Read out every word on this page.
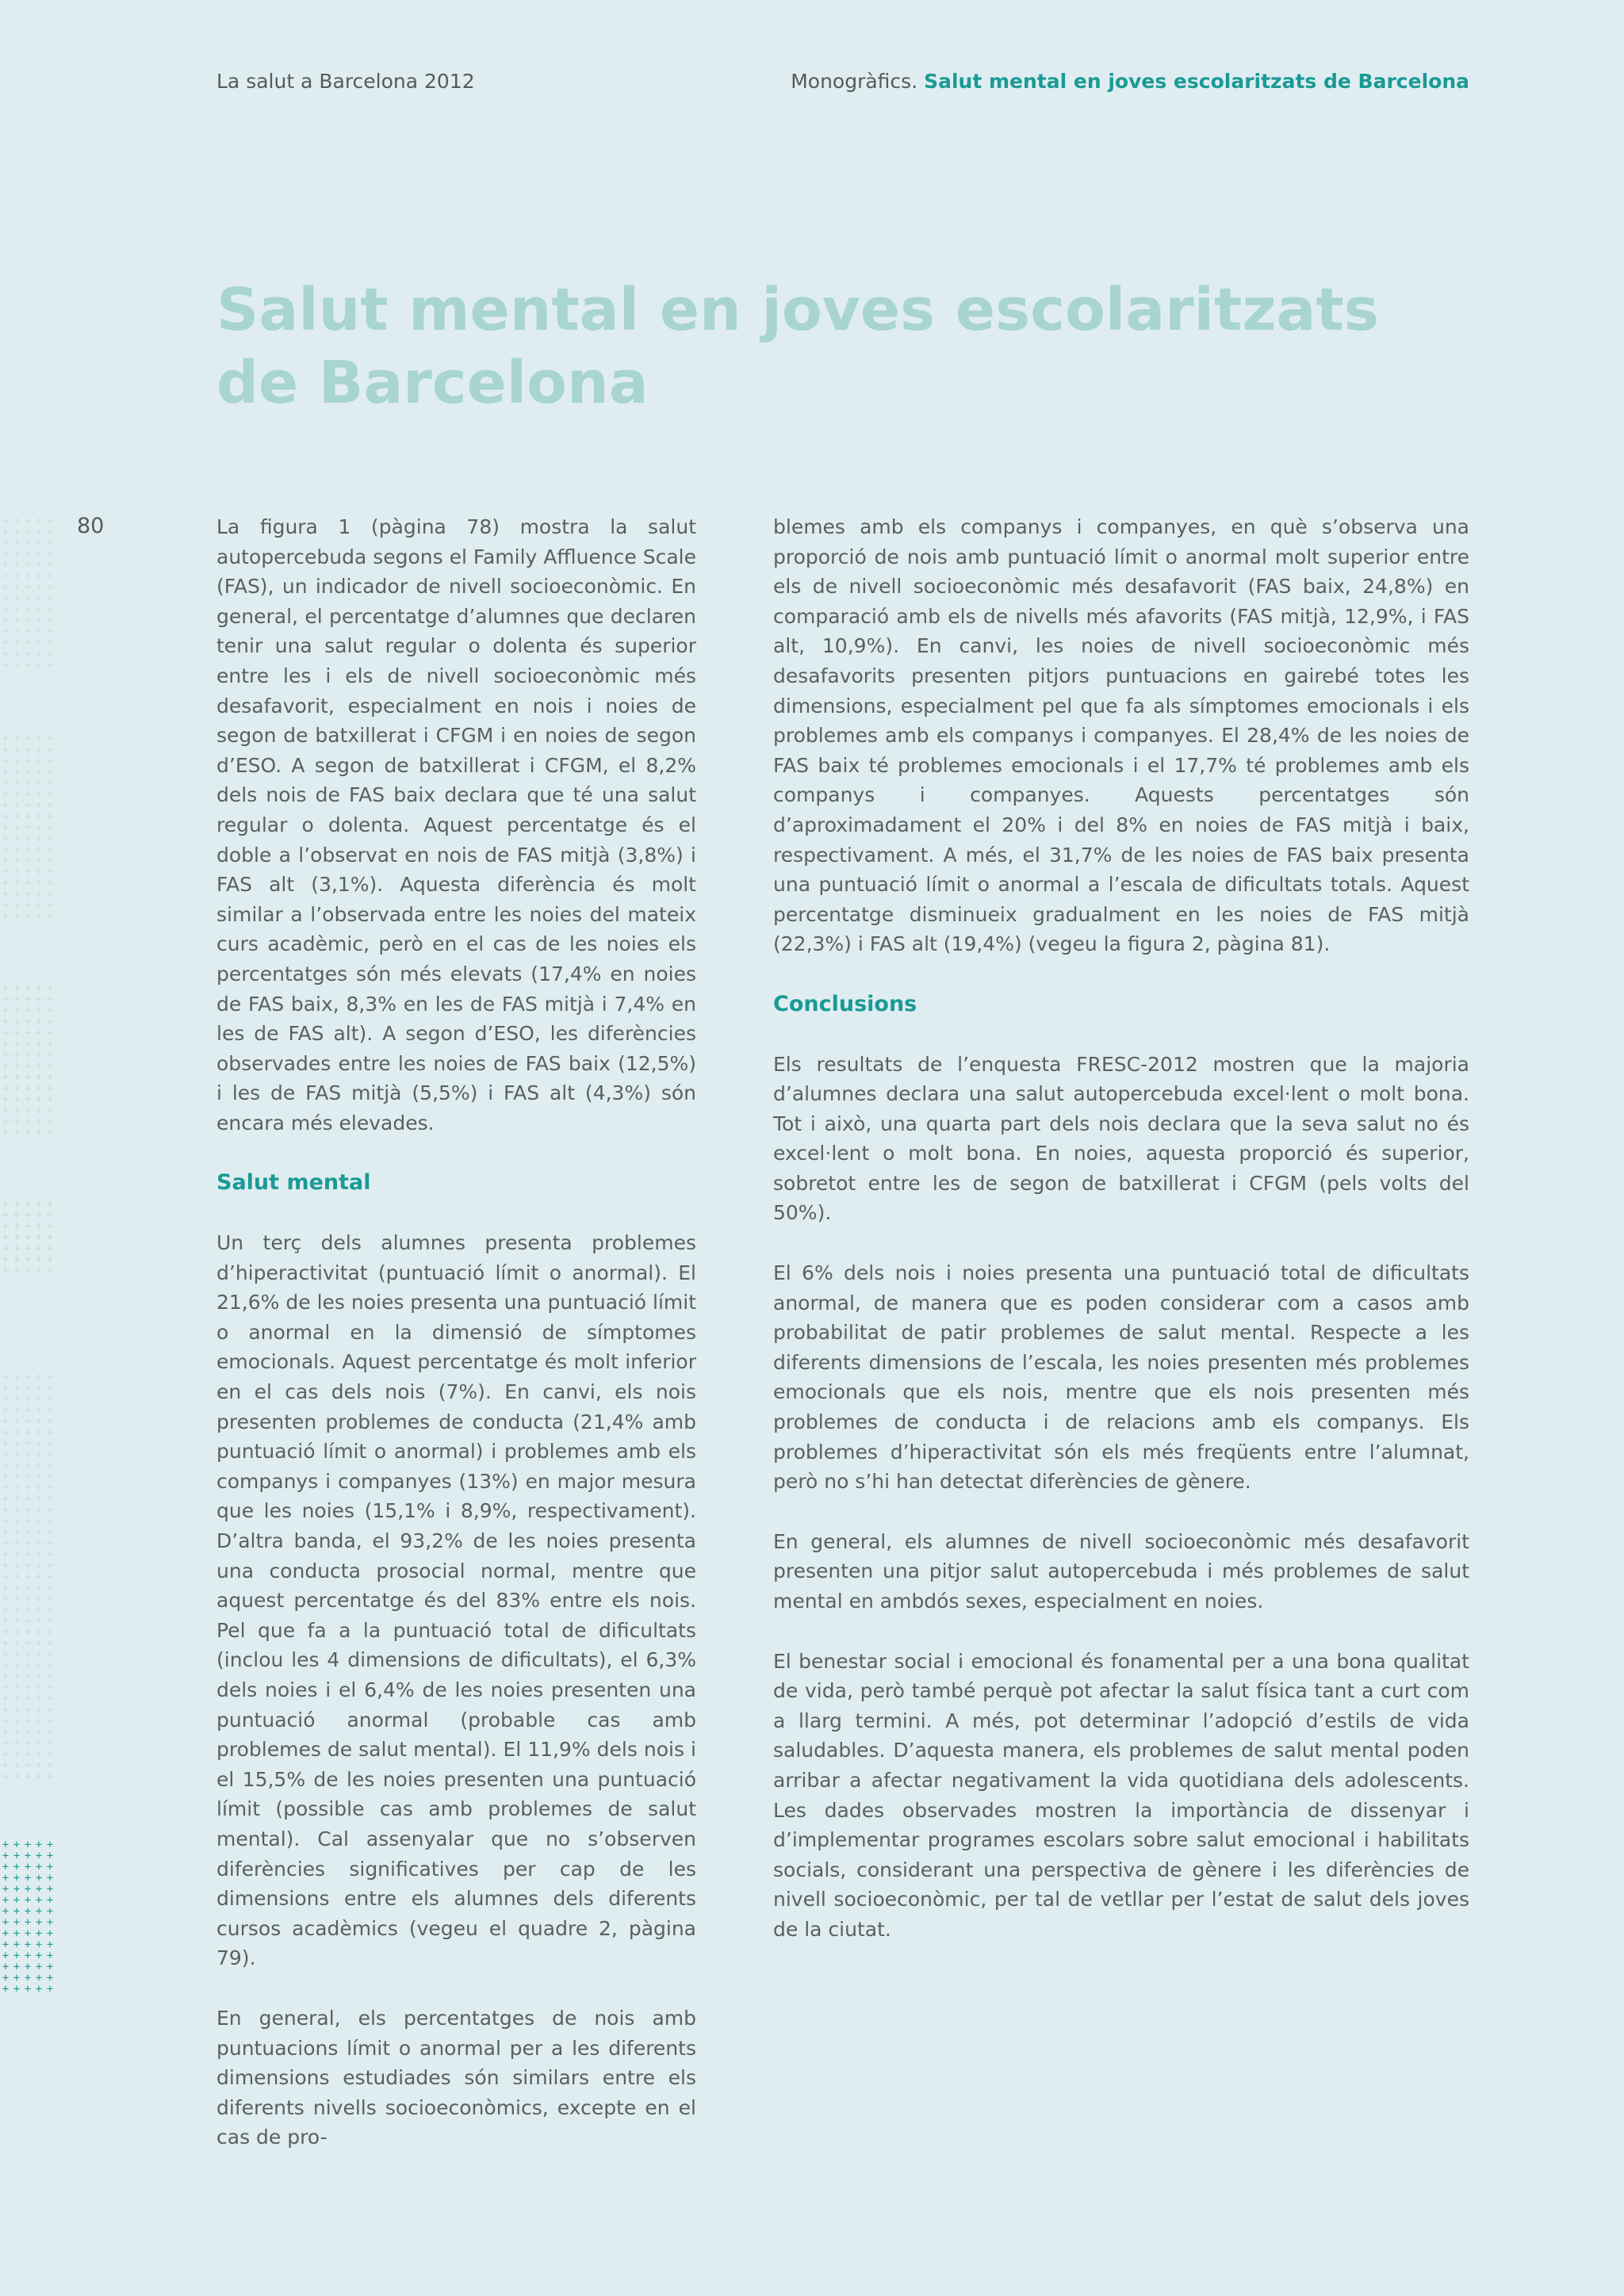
La salut a Barcelona 2012	Monogràfics. Salut mental en joves escolaritzats de Barcelona
Salut mental en joves escolaritzats
de Barcelona
80
+ + + + +
+ + + + +
+ + + + +
+ + + + +
+ + + + +
+ + + + +
+ + + + +
+ + + + +
+ + + + +
+ + + + +
+ + + + +
+ + + + +
+ + + + +
+ + + + +
+ + + + +
+ + + + +
+ + + + +
+ + + + +
+ + + + +
+ + + + +
+ + + + +
+ + + + +
+ + + + +
+ + + + +
+ + + + +
+ + + + +
+ + + + +
+ + + + +
+ + + + +
+ + + + +
+ + + + +
+ + + + +
+ + + + +
+ + + + +
+ + + + +
+ + + + +
+ + + + +
+ + + + +
+ + + + +
+ + + + +
+ + + + +
+ + + + +
+ + + + +
+ + + + +
+ + + + +
+ + + + +
+ + + + +
+ + + + +
+ + + + +
+ + + + +
+ + + + +
+ + + + +
+ + + + +
+ + + + +
+ + + + +
+ + + + +
+ + + + +
+ + + + +
+ + + + +
+ + + + +
+ + + + +
+ + + + +
+ + + + +
+ + + + +
+ + + + +
+ + + + +
+ + + + +
+ + + + +
+ + + + +
+ + + + +
+ + + + +
+ + + + +
+ + + + +
+ + + + +
+ + + + +
+ + + + +
+ + + + +
+ + + + +
+ + + + +
+ + + + +
+ + + + +
+ + + + +
+ + + + +
+ + + + +
+ + + + +
+ + + + +
+ + + + +
+ + + + +
+ + + + +
+ + + + +
+ + + + +
+ + + + +
+ + + + +
+ + + + +
+ + + + +
+ + + + +
+ + + + +
+ + + + +
+ + + + +
+ + + + +
+ + + + +
+ + + + +
+ + + + +

La figura 1 (pàgina 78) mostra la salut autopercebuda segons el Family Affluence Scale (FAS), un indicador de nivell socioeconòmic. En general, el percentatge d’alumnes que declaren tenir una salut regular o dolenta és superior entre les i els de nivell socioeconòmic més desafavorit, especialment en nois i noies de segon de batxillerat i CFGM i en noies de segon d’ESO. A segon de batxillerat i CFGM, el 8,2% dels nois de FAS baix declara que té una salut regular o dolenta. Aquest percentatge és el doble a l’observat en nois de FAS mitjà (3,8%) i FAS alt (3,1%). Aquesta diferència és molt similar a l’observada entre les noies del mateix curs acadèmic, però en el cas de les noies els percentatges són més elevats (17,4% en noies de FAS baix, 8,3% en les de FAS mitjà i 7,4% en les de FAS alt). A segon d’ESO, les diferències observades entre les noies de FAS baix (12,5%) i les de FAS mitjà (5,5%) i FAS alt (4,3%) són encara més elevades.

Salut mental

Un terç dels alumnes presenta problemes d’hiperactivitat (puntuació límit o anormal). El 21,6% de les noies presenta una puntuació límit o anormal en la dimensió de símptomes emocionals. Aquest percentatge és molt inferior en el cas dels nois (7%). En canvi, els nois presenten problemes de conducta (21,4% amb puntuació límit o anormal) i problemes amb els companys i companyes (13%) en major mesura que les noies (15,1% i 8,9%, respectivament). D’altra banda, el 93,2% de les noies presenta una conducta prosocial normal, mentre que aquest percentatge és del 83% entre els nois. Pel que fa a la puntuació total de dificultats (inclou les 4 dimensions de dificultats), el 6,3% dels noies i el 6,4% de les noies presenten una puntuació anormal (probable cas amb problemes de salut mental). El 11,9% dels nois i el 15,5% de les noies presenten una puntuació límit (possible cas amb problemes de salut mental). Cal assenyalar que no s’observen diferències significatives per cap de les dimensions entre els alumnes dels diferents cursos acadèmics (vegeu el quadre 2, pàgina 79).

En general, els percentatges de nois amb puntuacions límit o anormal per a les diferents dimensions estudiades són similars entre els diferents nivells socioeconòmics, excepte en el cas de pro-

blemes amb els companys i companyes, en què s’observa una proporció de nois amb puntuació límit o anormal molt superior entre els de nivell socioeconòmic més desafavorit (FAS baix, 24,8%) en comparació amb els de nivells més afavorits (FAS mitjà, 12,9%, i FAS alt, 10,9%). En canvi, les noies de nivell socioeconòmic més desafavorits presenten pitjors puntuacions en gairebé totes les dimensions, especialment pel que fa als símptomes emocionals i els problemes amb els companys i companyes. El 28,4% de les noies de FAS baix té problemes emocionals i el 17,7% té problemes amb els companys i companyes. Aquests percentatges són d’aproximadament el 20% i del 8% en noies de FAS mitjà i baix, respectivament. A més, el 31,7% de les noies de FAS baix presenta una puntuació límit o anormal a l’escala de dificultats totals. Aquest percentatge disminueix gradualment en les noies de FAS mitjà (22,3%) i FAS alt (19,4%) (vegeu la figura 2, pàgina 81).

Conclusions

Els resultats de l’enquesta FRESC-2012 mostren que la majoria d’alumnes declara una salut autopercebuda excel·lent o molt bona. Tot i això, una quarta part dels nois declara que la seva salut no és excel·lent o molt bona. En noies, aquesta proporció és superior, sobretot entre les de segon de batxillerat i CFGM (pels volts del 50%).

El 6% dels nois i noies presenta una puntuació total de dificultats anormal, de manera que es poden considerar com a casos amb probabilitat de patir problemes de salut mental. Respecte a les diferents dimensions de l’escala, les noies presenten més problemes emocionals que els nois, mentre que els nois presenten més problemes de conducta i de relacions amb els companys. Els problemes d’hiperactivitat són els més freqüents entre l’alumnat, però no s’hi han detectat diferències de gènere.

En general, els alumnes de nivell socioeconòmic més desafavorit presenten una pitjor salut autopercebuda i més problemes de salut mental en ambdós sexes, especialment en noies.

El benestar social i emocional és fonamental per a una bona qualitat de vida, però també perquè pot afectar la salut física tant a curt com a llarg termini. A més, pot determinar l’adopció d’estils de vida saludables. D’aquesta manera, els problemes de salut mental poden arribar a afectar negativament la vida quotidiana dels adolescents. Les dades observades mostren la importància de dissenyar i d’implementar programes escolars sobre salut emocional i habilitats socials, considerant una perspectiva de gènere i les diferències de nivell socioeconòmic, per tal de vetllar per l’estat de salut dels joves de la ciutat.
